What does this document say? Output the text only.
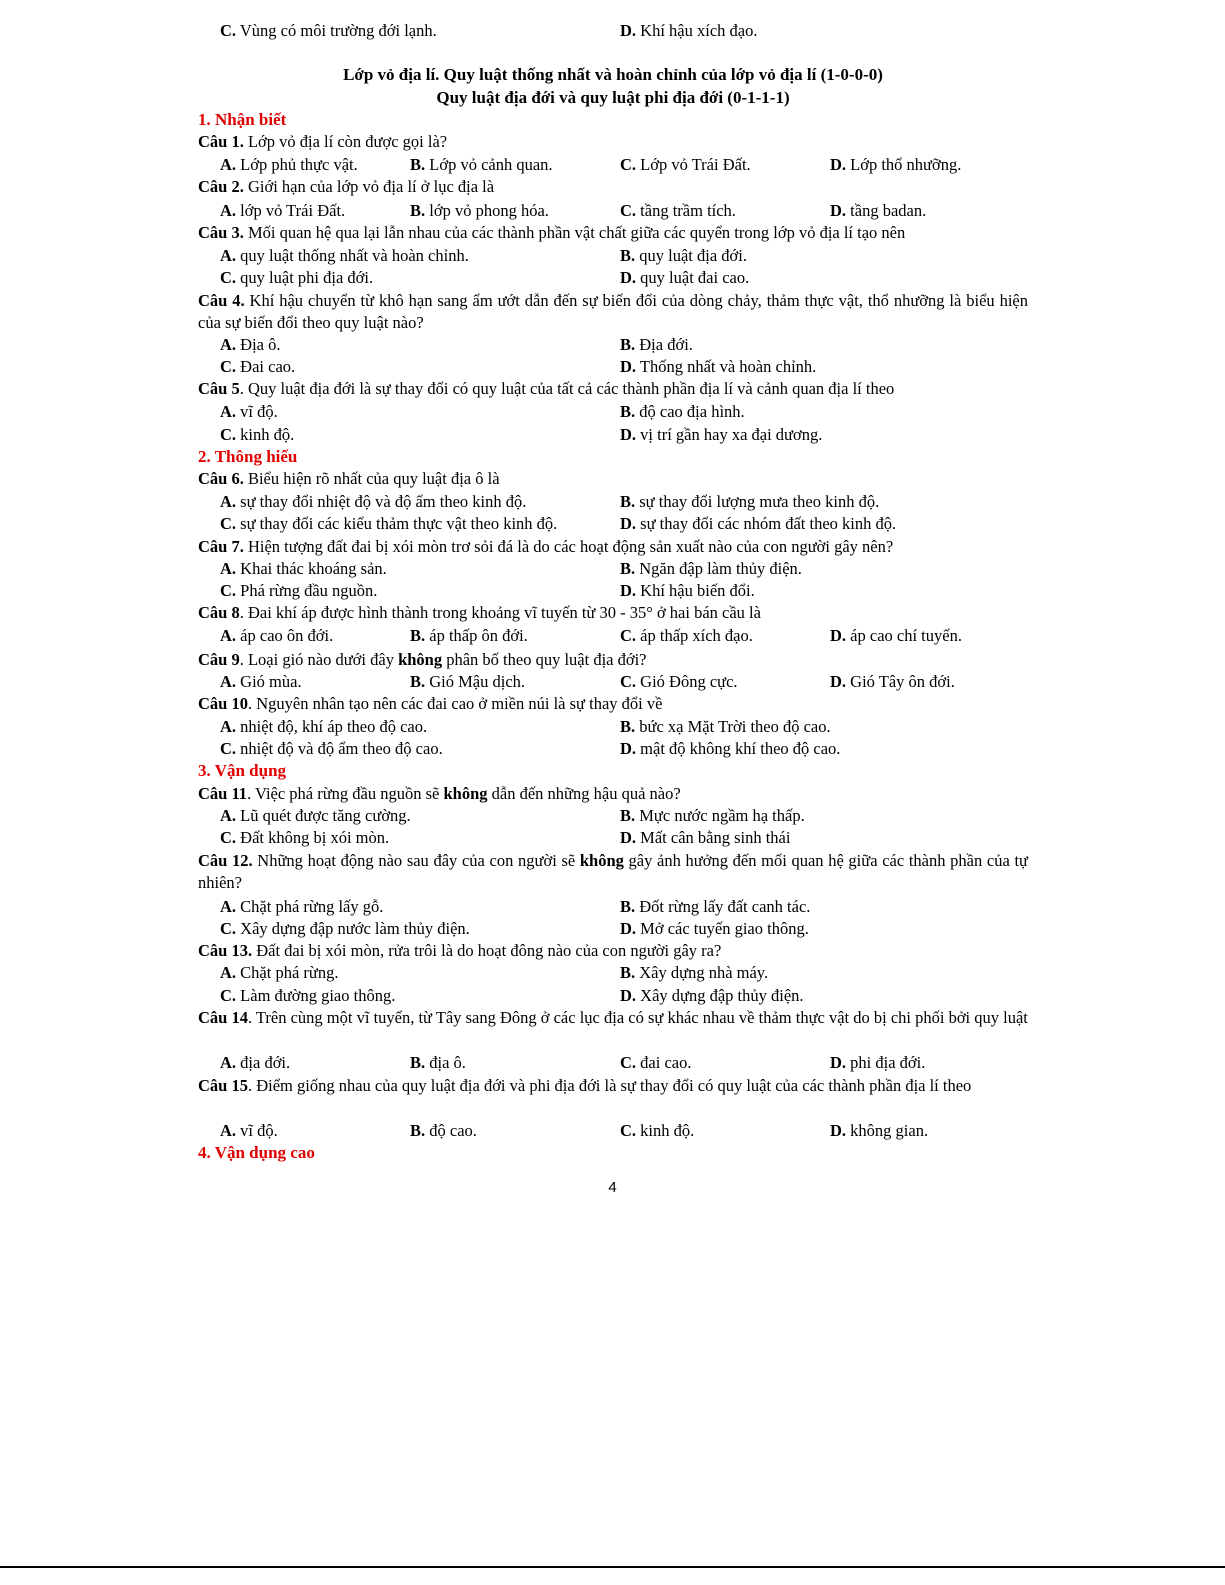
C. Vùng có môi trường đới lạnh.	D. Khí hậu xích đạo.
Lớp vỏ địa lí. Quy luật thống nhất và hoàn chỉnh của lớp vỏ địa lí (1-0-0-0)
Quy luật địa đới và quy luật phi địa đới (0-1-1-1)
1. Nhận biết
Câu 1. Lớp vỏ địa lí còn được gọi là?
A. Lớp phủ thực vật.	B. Lớp vỏ cảnh quan.	C. Lớp vỏ Trái Đất.	D. Lớp thổ nhưỡng.
Câu 2. Giới hạn của lớp vỏ địa lí ở lục địa là
A. lớp vỏ Trái Đất.	B. lớp vỏ phong hóa.	C. tầng trầm tích.	D. tầng badan.
Câu 3. Mối quan hệ qua lại lẫn nhau của các thành phần vật chất giữa các quyển trong lớp vỏ địa lí tạo nên
A. quy luật thống nhất và hoàn chỉnh.	B. quy luật địa đới.
C. quy luật phi địa đới.	D. quy luật đai cao.
Câu 4. Khí hậu chuyển từ khô hạn sang ẩm ướt dẫn đến sự biến đổi của dòng chảy, thảm thực vật, thổ nhưỡng là biểu hiện của sự biến đổi theo quy luật nào?
A. Địa ô.	B. Địa đới.
C. Đai cao.	D. Thống nhất và hoàn chỉnh.
Câu 5. Quy luật địa đới là sự thay đổi có quy luật của tất cả các thành phần địa lí và cảnh quan địa lí theo
A. vĩ độ.	B. độ cao địa hình.
C. kinh độ.	D. vị trí gần hay xa đại dương.
2. Thông hiểu
Câu 6. Biểu hiện rõ nhất của quy luật địa ô là
A. sự thay đổi nhiệt độ và độ ẩm theo kinh độ.	B. sự thay đổi lượng mưa theo kinh độ.
C. sự thay đổi các kiểu thảm thực vật theo kinh độ.	D. sự thay đổi các nhóm đất theo kinh độ.
Câu 7. Hiện tượng đất đai bị xói mòn trơ sỏi đá là do các hoạt động sản xuất nào của con người gây nên?
A. Khai thác khoáng sản.	B. Ngăn đập làm thủy điện.
C. Phá rừng đầu nguồn.	D. Khí hậu biến đổi.
Câu 8. Đai khí áp được hình thành trong khoảng vĩ tuyến từ 30 - 35° ở hai bán cầu là
A. áp cao ôn đới.	B. áp thấp ôn đới.	C. áp thấp xích đạo.	D. áp cao chí tuyến.
Câu 9. Loại gió nào dưới đây không phân bố theo quy luật địa đới?
A. Gió mùa.	B. Gió Mậu dịch.	C. Gió Đông cực.	D. Gió Tây ôn đới.
Câu 10. Nguyên nhân tạo nên các đai cao ở miền núi là sự thay đổi về
A. nhiệt độ, khí áp theo độ cao.	B. bức xạ Mặt Trời theo độ cao.
C. nhiệt độ và độ ẩm theo độ cao.	D. mật độ không khí theo độ cao.
3. Vận dụng
Câu 11. Việc phá rừng đầu nguồn sẽ không dẫn đến những hậu quả nào?
A. Lũ quét được tăng cường.	B. Mực nước ngầm hạ thấp.
C. Đất không bị xói mòn.	D. Mất cân bằng sinh thái
Câu 12. Những hoạt động nào sau đây của con người sẽ không gây ảnh hưởng đến mối quan hệ giữa các thành phần của tự nhiên?
A. Chặt phá rừng lấy gỗ.	B. Đốt rừng lấy đất canh tác.
C. Xây dựng đập nước làm thủy điện.	D. Mở các tuyến giao thông.
Câu 13. Đất đai bị xói mòn, rửa trôi là do hoạt đông nào của con người gây ra?
A. Chặt phá rừng.	B. Xây dựng nhà máy.
C. Làm đường giao thông.	D. Xây dựng đập thủy điện.
Câu 14. Trên cùng một vĩ tuyến, từ Tây sang Đông ở các lục địa có sự khác nhau về thảm thực vật do bị chi phối bởi quy luật
A. địa đới.	B. địa ô.	C. đai cao.	D. phi địa đới.
Câu 15. Điểm giống nhau của quy luật địa đới và phi địa đới là sự thay đổi có quy luật của các thành phần địa lí theo
A. vĩ độ.	B. độ cao.	C. kinh độ.	D. không gian.
4. Vận dụng cao
4
